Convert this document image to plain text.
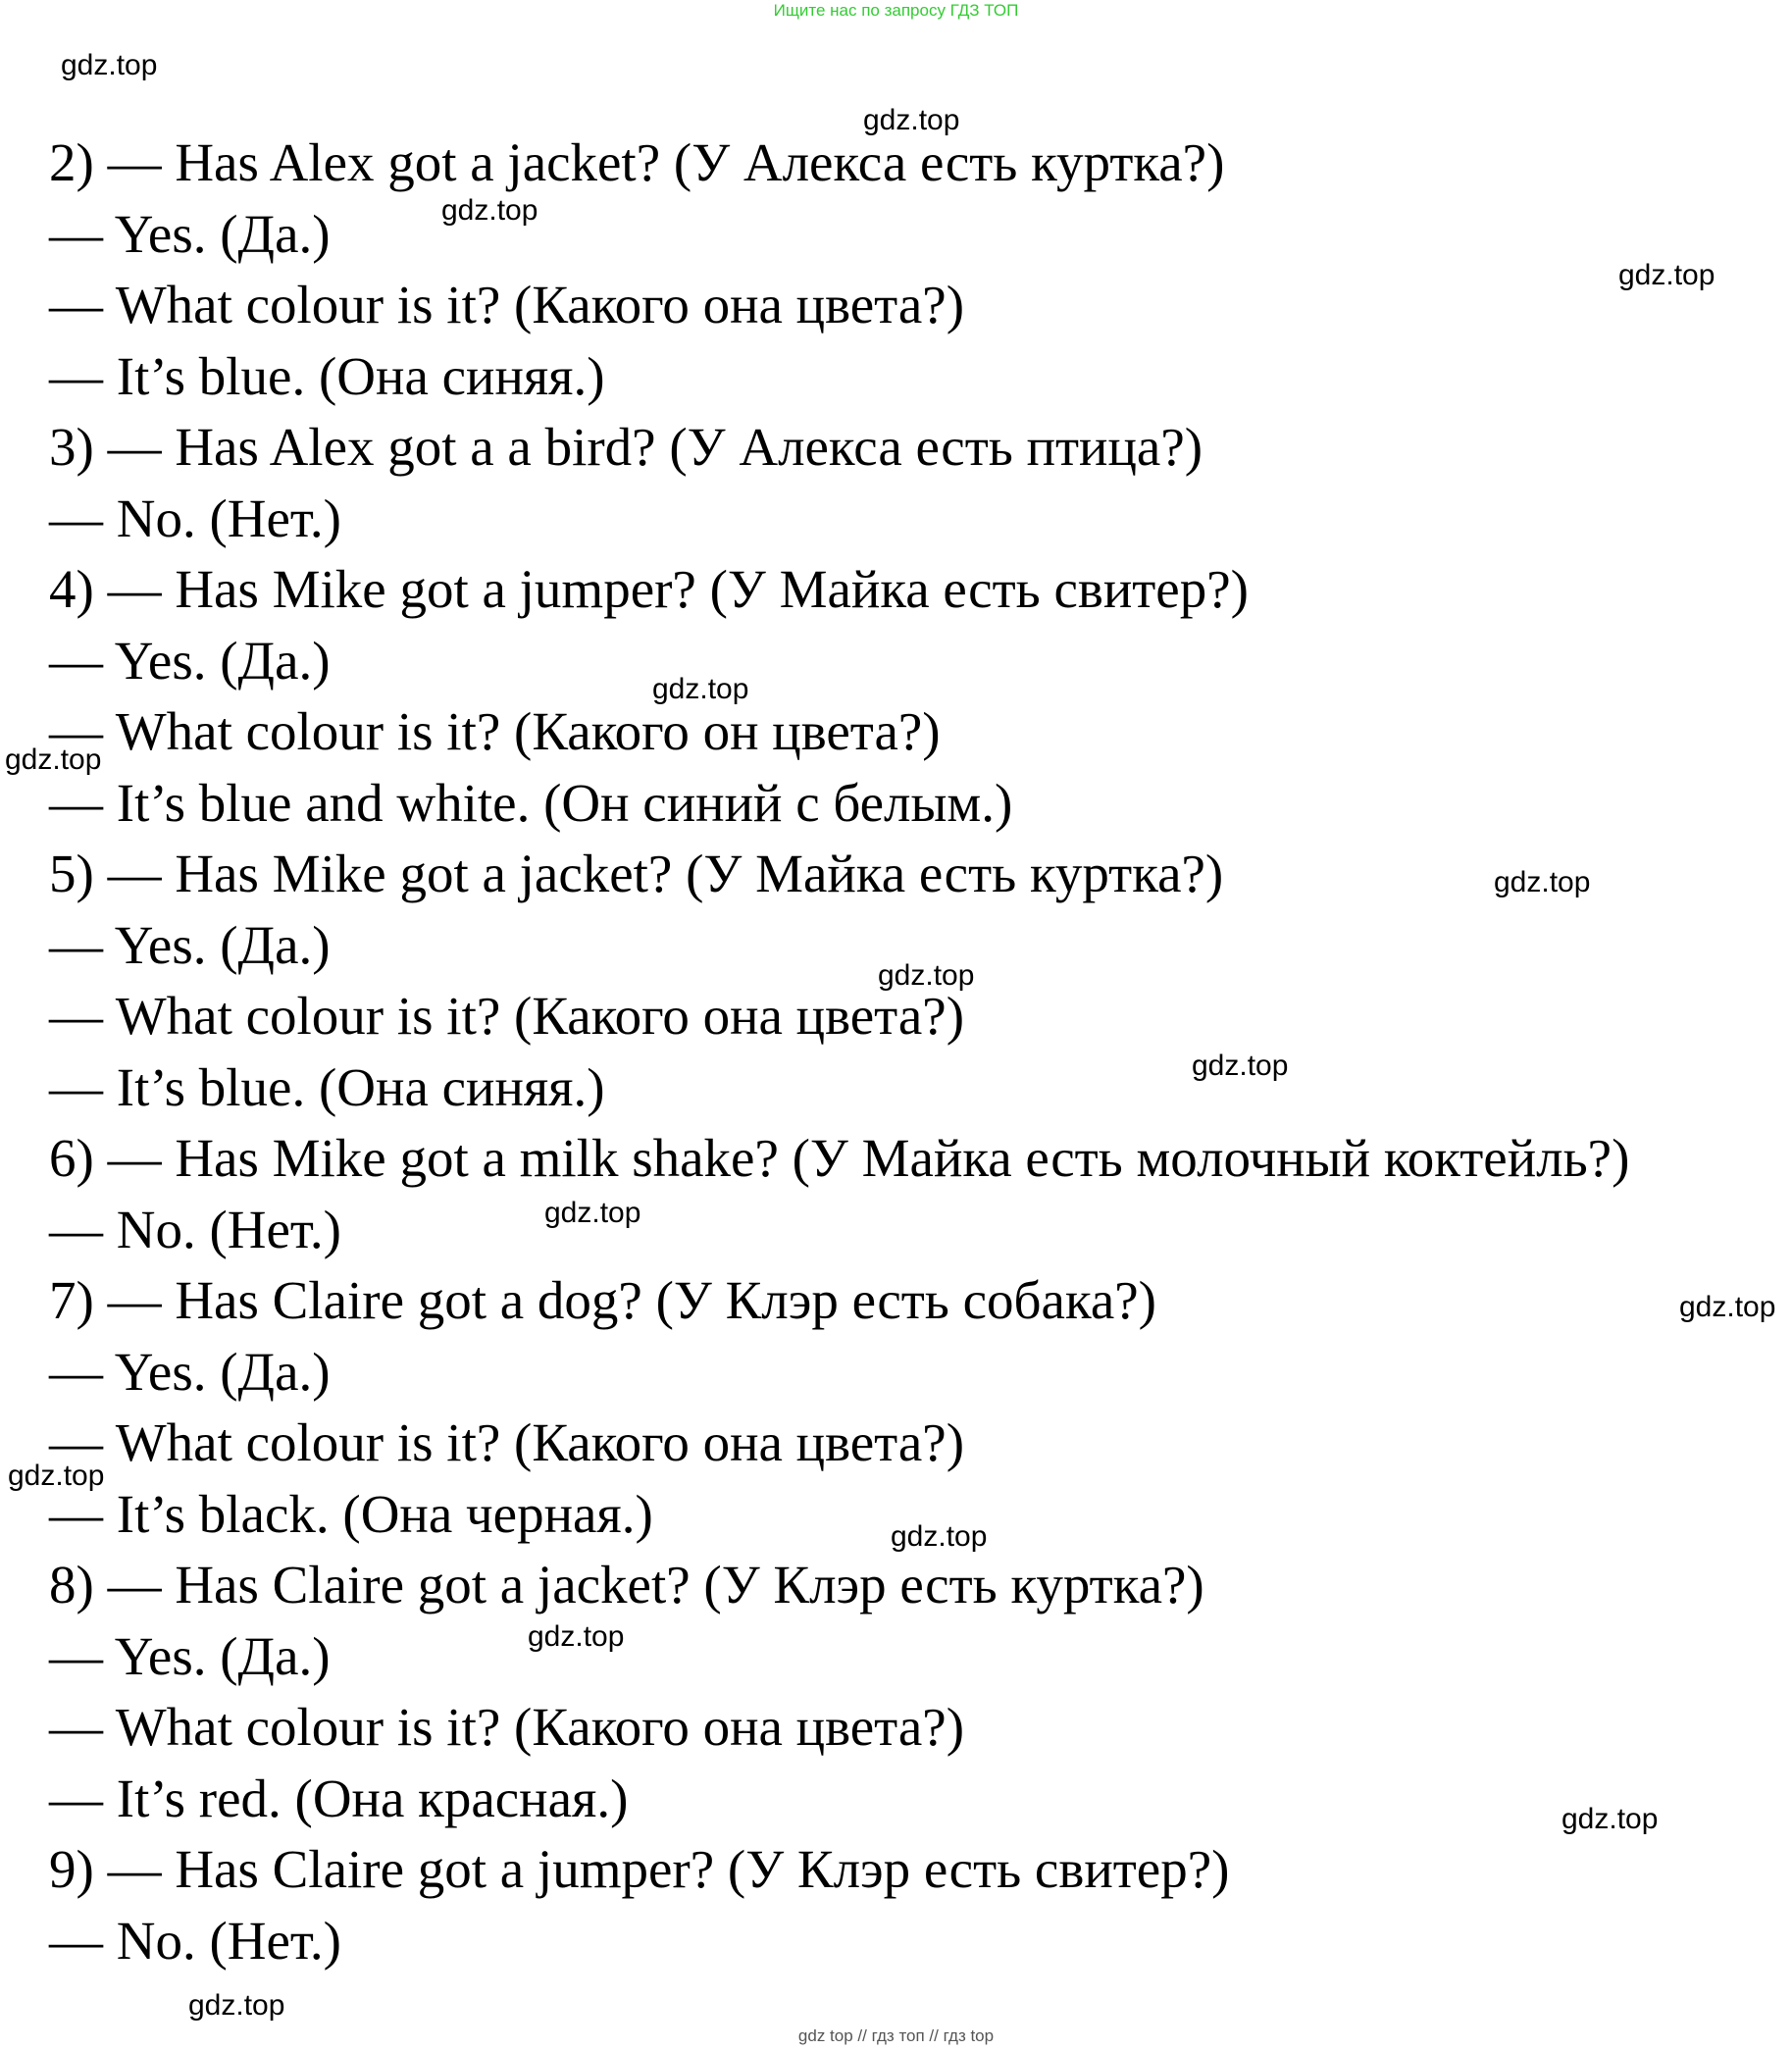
Ищите нас по запросу ГДЗ ТОП
2) — Has Alex got a jacket? (У Алекса есть куртка?)
— Yes. (Да.)
— What colour is it? (Какого она цвета?)
— It’s blue. (Она синяя.)
3) — Has Alex got a a bird? (У Алекса есть птица?)
— No. (Нет.)
4) — Has Mike got a jumper? (У Майка есть свитер?)
— Yes. (Да.)
— What colour is it? (Какого он цвета?)
— It’s blue and white. (Он синий с белым.)
5) — Has Mike got a jacket? (У Майка есть куртка?)
— Yes. (Да.)
— What colour is it? (Какого она цвета?)
— It’s blue. (Она синяя.)
6) — Has Mike got a milk shake? (У Майка есть молочный коктейль?)
— No. (Нет.)
7) — Has Claire got a dog? (У Клэр есть собака?)
— Yes. (Да.)
— What colour is it? (Какого она цвета?)
— It’s black. (Она черная.)
8) — Has Claire got a jacket? (У Клэр есть куртка?)
— Yes. (Да.)
— What colour is it? (Какого она цвета?)
— It’s red. (Она красная.)
9) — Has Claire got a jumper? (У Клэр есть свитер?)
— No. (Нет.)
gdz.top
gdz.top
gdz.top
gdz.top
gdz.top
gdz.top
gdz.top
gdz.top
gdz.top
gdz.top
gdz.top
gdz.top
gdz.top
gdz.top
gdz.top
gdz.top
gdz top // гдз топ // гдз top
